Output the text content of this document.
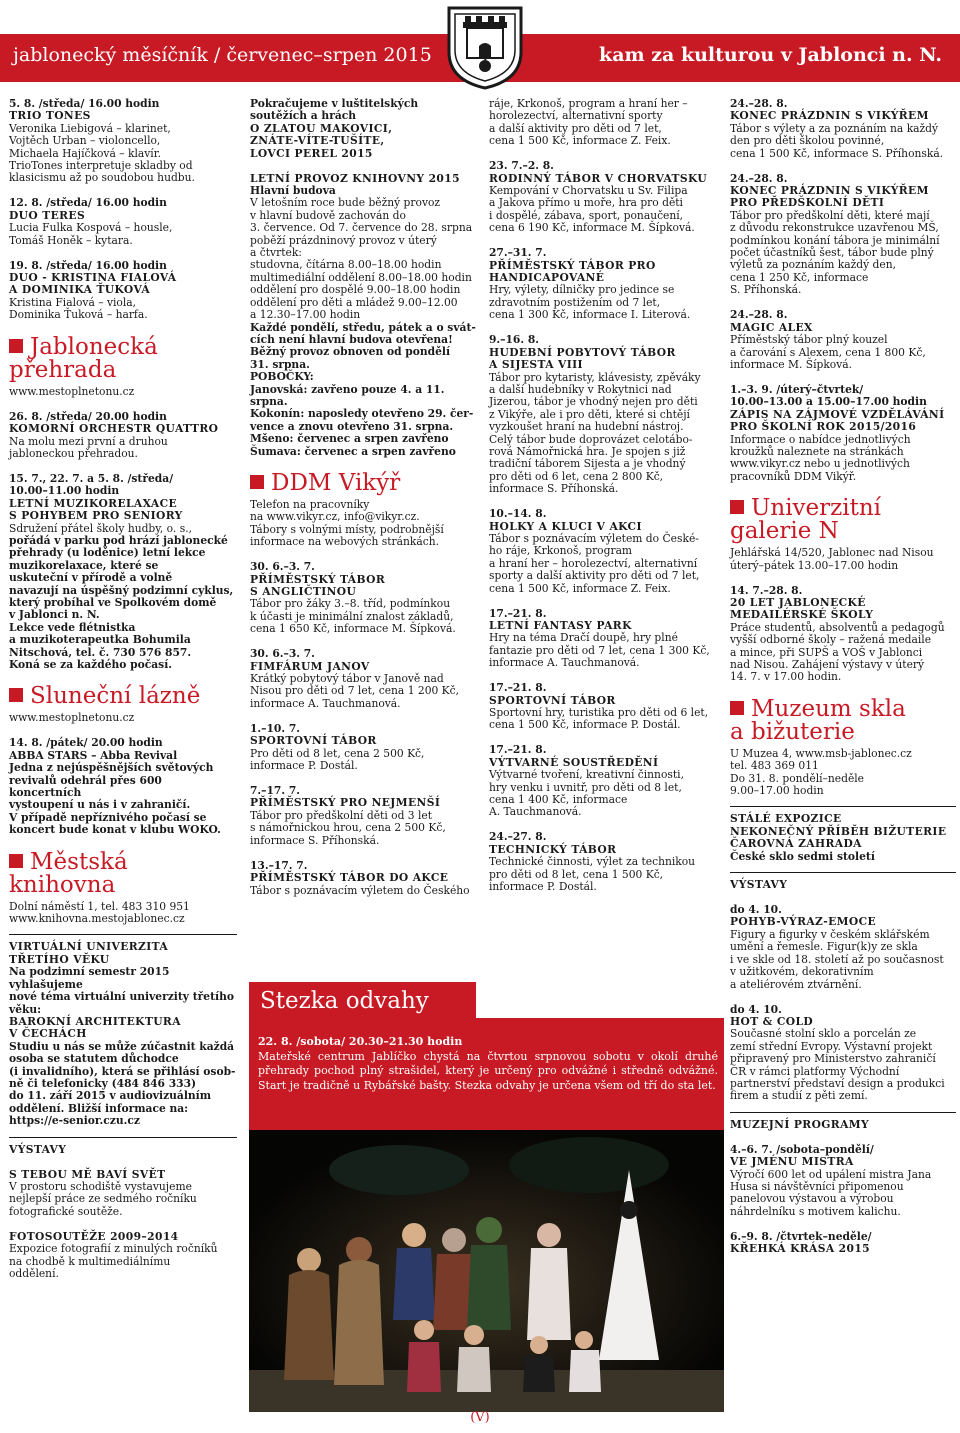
jablonecký měsíčník / červenec–srpen 2015	kam za kulturou v Jablonci n. N.
5. 8. /středa/ 16.00 hodin
TRIO TONES
Veronika Liebigová – klarinet,
Vojtěch Urban – violoncello,
Michaela Hajíčková – klavír.
TrioTones interpretuje skladby od
klasicismu až po soudobou hudbu.
12. 8. /středa/ 16.00 hodin
DUO TERES
Lucia Fulka Kospová – housle,
Tomáš Honěk – kytara.
19. 8. /středa/ 16.00 hodin
DUO - KRISTINA FIALOVÁ
A DOMINIKA ŤUKOVÁ
Kristina Fialová – viola,
Dominika Ťuková – harfa.
Jablonecká
přehrada
www.mestoplnetonu.cz
26. 8. /středa/ 20.00 hodin
KOMORNÍ ORCHESTR QUATTRO
Na molu mezi první a druhou
jabloneckou přehradou.
15. 7., 22. 7. a 5. 8. /středa/
10.00–11.00 hodin
LETNÍ MUZIKORELAXACE
S POHYBEM PRO SENIORY
Sdružení přátel školy hudby, o. s.,
pořádá v parku pod hrází jablonecké
přehrady (u loděnice) letní lekce
muzikorelaxace, které se
uskuteční v přírodě a volně
navazují na úspěšný podzimní cyklus,
který probíhal ve Spolkovém domě
v Jablonci n. N.
Lekce vede flétnistka
a muzikoterapeutka Bohumila
Nitschová, tel. č. 730 576 857.
Koná se za každého počasí.
Sluneční lázně
www.mestoplnetonu.cz
14. 8. /pátek/ 20.00 hodin
ABBA STARS – Abba Revival
Jedna z nejúspěšnějších světových
revivalů odehrál přes 600 koncertních
vystoupení u nás i v zahraničí.
V případě nepříznivého počasí se
koncert bude konat v klubu WOKO.
Městská
knihovna
Dolní náměstí 1, tel. 483 310 951
www.knihovna.mestojablonec.cz
VIRTUÁLNÍ UNIVERZITA
TŘETÍHO VĚKU
Na podzimní semestr 2015 vyhlašujeme
nové téma virtuální univerzity třetího
věku:
BAROKNÍ ARCHITEKTURA
V ČECHÁCH
Studiu u nás se může zúčastnit každá
osoba se statutem důchodce
(i invalidního), která se přihlásí osob-
ně či telefonicky (484 846 333)
do 11. září 2015 v audiovizuálním
oddělení. Bližší informace na:
https://e-senior.czu.cz
VÝSTAVY
S TEBOU MĚ BAVÍ SVĚT
V prostoru schodiště vystavujeme
nejlepší práce ze sedmého ročníku
fotografické soutěže.
FOTOSOUTĚŽE 2009–2014
Expozice fotografií z minulých ročníků
na chodbě k multimediálnímu
oddělení.
Pokračujeme v luštitelských
soutěžích a hrách
O ZLATOU MAKOVICI,
ZNÁTE-VÍTE-TUŠÍTE,
LOVCI PEREL 2015
LETNÍ PROVOZ KNIHOVNY 2015
Hlavní budova
V letošním roce bude běžný provoz
v hlavní budově zachován do
3. července. Od 7. července do 28. srpna
poběží prázdninový provoz v úterý
a čtvrtek:
studovna, čítárna 8.00–18.00 hodin
multimediální oddělení 8.00–18.00 hodin
oddělení pro dospělé 9.00–18.00 hodin
oddělení pro děti a mládež 9.00–12.00
a 12.30–17.00 hodin
Každé pondělí, středu, pátek a o svát-
cích není hlavní budova otevřena!
Běžný provoz obnoven od pondělí
31. srpna.
POBOČKY:
Janovská: zavřeno pouze 4. a 11. srpna.
Kokonín: naposledy otevřeno 29. čer-
vence a znovu otevřeno 31. srpna.
Mšeno: červenec a srpen zavřeno
Šumava: červenec a srpen zavřeno
DDM Vikýř
Telefon na pracovníky
na www.vikyr.cz, info@vikyr.cz.
Tábory s volnými místy, podrobnější
informace na webových stránkách.
30. 6.–3. 7.
PŘÍMĚSTSKÝ TÁBOR
S ANGLIČTINOU
Tábor pro žáky 3.–8. tříd, podmínkou
k účasti je minimální znalost základů,
cena 1 650 Kč, informace M. Šípková.
30. 6.–3. 7.
FIMFÁRUM JANOV
Krátký pobytový tábor v Janově nad
Nisou pro děti od 7 let, cena 1 200 Kč,
informace A. Tauchmanová.
1.–10. 7.
SPORTOVNÍ TÁBOR
Pro děti od 8 let, cena 2 500 Kč,
informace P. Dostál.
7.–17. 7.
PŘÍMĚSTSKÝ PRO NEJMENŠÍ
Tábor pro předškolní děti od 3 let
s námořnickou hrou, cena 2 500 Kč,
informace S. Příhonská.
13.–17. 7.
PŘÍMĚSTSKÝ TÁBOR DO AKCE
Tábor s poznávacím výletem do Českého
ráje, Krkonoš, program a hraní her –
horolezectví, alternativní sporty
a další aktivity pro děti od 7 let,
cena 1 500 Kč, informace Z. Feix.
23. 7.–2. 8.
RODINNÝ TÁBOR V CHORVATSKU
Kempování v Chorvatsku u Sv. Filipa
a Jakova přímo u moře, hra pro děti
i dospělé, zábava, sport, ponaučení,
cena 6 190 Kč, informace M. Šípková.
27.–31. 7.
PŘÍMĚSTSKÝ TÁBOR PRO
HANDICAPOVANÉ
Hry, výlety, dílničky pro jedince se
zdravotním postižením od 7 let,
cena 1 300 Kč, informace I. Literová.
9.–16. 8.
HUDEBNÍ POBYTOVÝ TÁBOR
A SIJESTA VIII
Tábor pro kytaristy, klávesisty, zpěváky
a další hudebníky v Rokytnici nad
Jizerou, tábor je vhodný nejen pro děti
z Vikýře, ale i pro děti, které si chtějí
vyzkoušet hraní na hudební nástroj.
Celý tábor bude doprovázet celotábo-
rová Námořnická hra. Je spojen s již
tradiční táborem Sijesta a je vhodný
pro děti od 6 let, cena 2 800 Kč,
informace S. Příhonská.
10.–14. 8.
HOLKY A KLUCI V AKCI
Tábor s poznávacím výletem do České-
ho ráje, Krkonoš, program
a hraní her – horolezectví, alternativní
sporty a další aktivity pro děti od 7 let,
cena 1 500 Kč, informace Z. Feix.
17.–21. 8.
LETNÍ FANTASY PARK
Hry na téma Dračí doupě, hry plné
fantazie pro děti od 7 let, cena 1 300 Kč,
informace A. Tauchmanová.
17.–21. 8.
SPORTOVNÍ TÁBOR
Sportovní hry, turistika pro děti od 6 let,
cena 1 500 Kč, informace P. Dostál.
17.–21. 8.
VÝTVARNÉ SOUSTŘEDĚNÍ
Výtvarné tvoření, kreativní činnosti,
hry venku i uvnitř, pro děti od 8 let,
cena 1 400 Kč, informace
A. Tauchmanová.
24.–27. 8.
TECHNICKÝ TÁBOR
Technické činnosti, výlet za technikou
pro děti od 8 let, cena 1 500 Kč,
informace P. Dostál.
24.–28. 8.
KONEC PRÁZDNIN S VIKÝŘEM
Tábor s výlety a za poznáním na každý
den pro děti školou povinné,
cena 1 500 Kč, informace S. Příhonská.
24.–28. 8.
KONEC PRÁZDNIN S VIKÝŘEM
PRO PŘEDŠKOLNÍ DĚTI
Tábor pro předškolní děti, které mají
z důvodu rekonstrukce uzavřenou MŠ,
podmínkou konání tábora je minimální
počet účastníků šest, tábor bude plný
výletů za poznáním každý den,
cena 1 250 Kč, informace
S. Příhonská.
24.–28. 8.
MAGIC ALEX
Příměstský tábor plný kouzel
a čarování s Alexem, cena 1 800 Kč,
informace M. Šípková.
1.–3. 9. /úterý–čtvrtek/
10.00–13.00 a 15.00–17.00 hodin
ZÁPIS NA ZÁJMOVÉ VZDĚLÁVÁNÍ
PRO ŠKOLNÍ ROK 2015/2016
Informace o nabídce jednotlivých
kroužků naleznete na stránkách
www.vikyr.cz nebo u jednotlivých
pracovníků DDM Vikýř.
Univerzitní
galerie N
Jehlářská 14/520, Jablonec nad Nisou
úterý–pátek 13.00–17.00 hodin
14. 7.–28. 8.
20 LET JABLONECKÉ
MEDAILÉRSKÉ ŠKOLY
Práce studentů, absolventů a pedagogů
vyšší odborné školy – ražená medaile
a mince, při SUPŠ a VOŠ v Jablonci
nad Nisou. Zahájení výstavy v úterý
14. 7. v 17.00 hodin.
Muzeum skla
a bižuterie
U Muzea 4, www.msb-jablonec.cz
tel. 483 369 011
Do 31. 8. pondělí–neděle
9.00–17.00 hodin
STÁLÉ EXPOZICE
NEKONEČNÝ PŘÍBĚH BIŽUTERIE
ČAROVNÁ ZAHRADA
České sklo sedmi století
VÝSTAVY
do 4. 10.
POHYB-VÝRAZ-EMOCE
Figury a figurky v českém sklářském
umění a řemesle. Figur(k)y ze skla
i ve skle od 18. století až po současnost
v užitkovém, dekorativním
a ateliérovém ztvárnění.
do 4. 10.
HOT & COLD
Současné stolní sklo a porcelán ze
zemí střední Evropy. Výstavní projekt
připravený pro Ministerstvo zahraničí
ČR v rámci platformy Východní
partnerství představí design a produkci
firem a studií z pěti zemí.
MUZEJNÍ PROGRAMY
4.–6. 7. /sobota–pondělí/
VE JMÉNU MISTRA
Výročí 600 let od upálení mistra Jana
Husa si návštěvníci připomenou
panelovou výstavou a výrobou
náhrdelníku s motivem kalichu.
6.–9. 8. /čtvrtek–neděle/
KŘEHKÁ KRÁSA 2015
Stezka odvahy
22. 8. /sobota/ 20.30–21.30 hodin
Mateřské centrum Jablíčko chystá na čtvrtou srpnovou sobotu v okolí druhé přehrady pochod plný strašidel, který je určený pro odvážné i středně odvážné. Start je tradičně u Rybářské bašty. Stezka odvahy je určena všem od tří do sta let.
(V)
